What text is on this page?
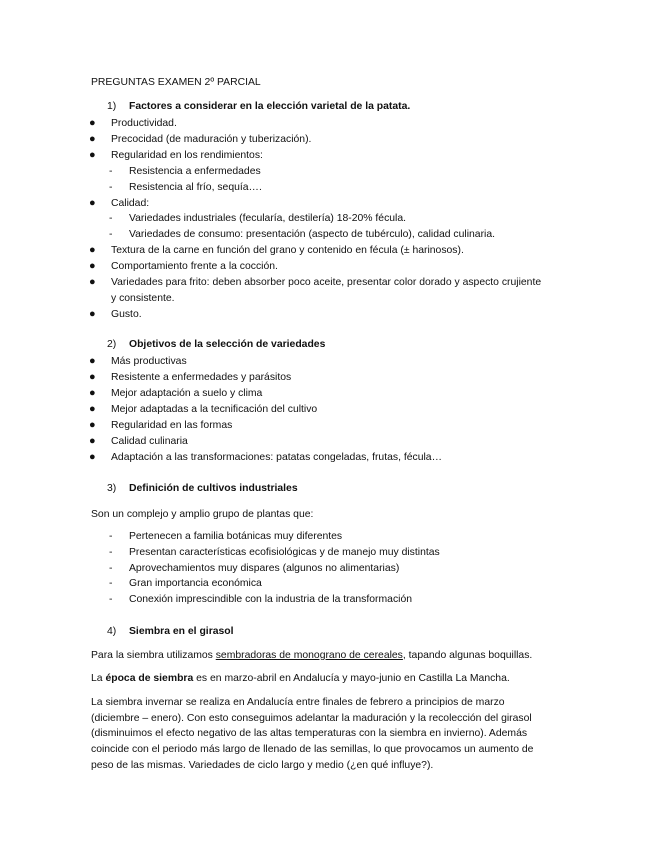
PREGUNTAS EXAMEN 2º PARCIAL
1) Factores a considerar en la elección varietal de la patata.
● Productividad.
● Precocidad (de maduración y tuberización).
● Regularidad en los rendimientos:
- Resistencia a enfermedades
- Resistencia al frío, sequía….
● Calidad:
- Variedades industriales (fecularía, destilería) 18-20% fécula.
- Variedades de consumo: presentación (aspecto de tubérculo), calidad culinaria.
● Textura de la carne en función del grano y contenido en fécula (± harinosos).
● Comportamiento frente a la cocción.
● Variedades para frito: deben absorber poco aceite, presentar color dorado y aspecto crujiente
y consistente.
● Gusto.
2) Objetivos de la selección de variedades
● Más productivas
● Resistente a enfermedades y parásitos
● Mejor adaptación a suelo y clima
● Mejor adaptadas a la tecnificación del cultivo
● Regularidad en las formas
● Calidad culinaria
● Adaptación a las transformaciones: patatas congeladas, frutas, fécula…
3) Definición de cultivos industriales
Son un complejo y amplio grupo de plantas que:
- Pertenecen a familia botánicas muy diferentes
- Presentan características ecofisiológicas y de manejo muy distintas
- Aprovechamientos muy dispares (algunos no alimentarias)
- Gran importancia económica
- Conexión imprescindible con la industria de la transformación
4) Siembra en el girasol
Para la siembra utilizamos sembradoras de monograno de cereales, tapando algunas boquillas.
La época de siembra es en marzo-abril en Andalucía y mayo-junio en Castilla La Mancha.
La siembra invernar se realiza en Andalucía entre finales de febrero a principios de marzo
(diciembre – enero). Con esto conseguimos adelantar la maduración y la recolección del girasol
(disminuimos el efecto negativo de las altas temperaturas con la siembra en invierno). Además
coincide con el periodo más largo de llenado de las semillas, lo que provocamos un aumento de
peso de las mismas. Variedades de ciclo largo y medio (¿en qué influye?).
